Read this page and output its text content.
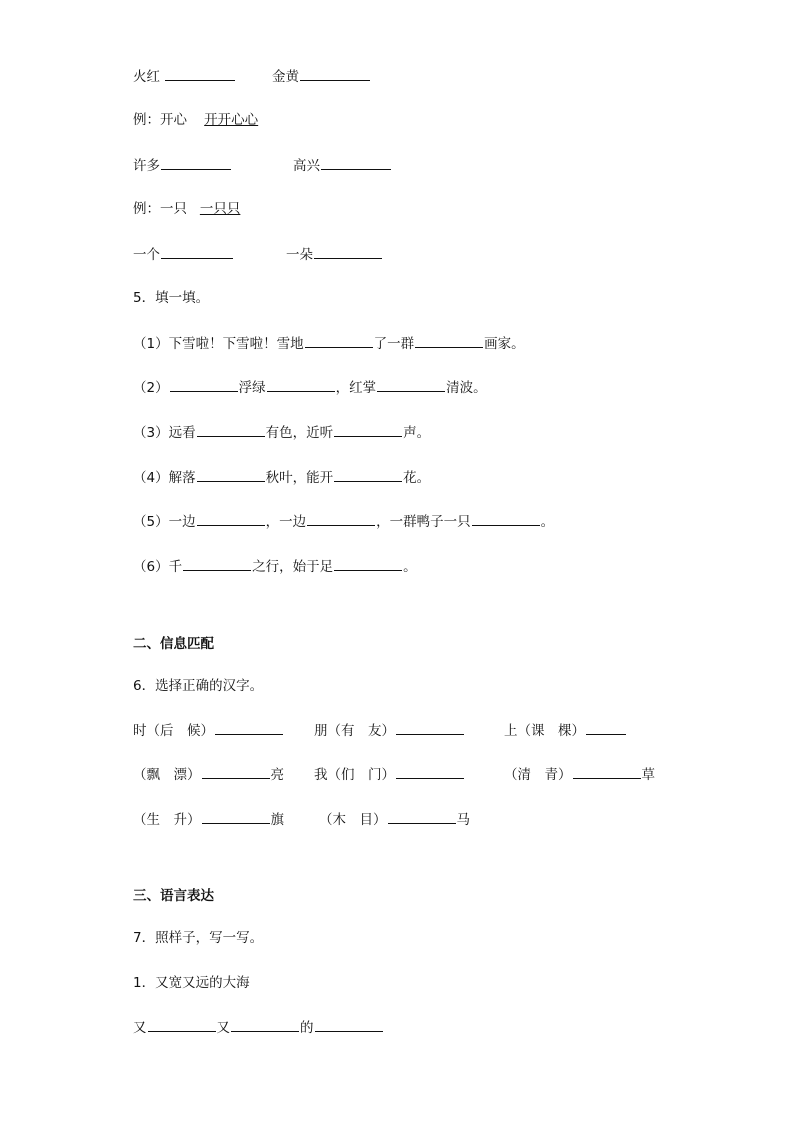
火红	金黄
例：开心 开开心心
许多	高兴
例：一只 一只只
一个	一朵
5．填一填。
（1）下雪啦！下雪啦！雪地	了一群	画家。
（2）	浮绿	，红掌	清波。
（3）远看	有色，近听	声。
（4）解落	秋叶，能开	花。
（5）一边	，一边	，一群鸭子一只	。
（6）千	之行，始于足	。
二、信息匹配
6．选择正确的汉字。
时（后　候）	朋（有　友）	上（课　棵）
（飘　漂）	亮 我（们　门）	（清　青）	草
（生　升）	旗	（木　目）	马
三、语言表达
7．照样子，写一写。
1．又宽又远的大海
又	又	的
